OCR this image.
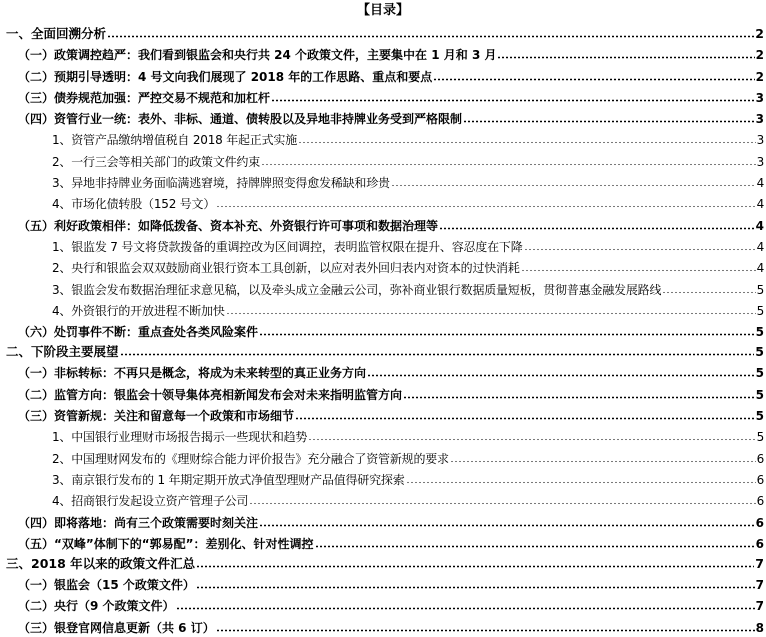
【目录】
一、全面回溯分析	2
（一）政策调控趋严：我们看到银监会和央行共 24 个政策文件，主要集中在 1 月和 3 月	2
（二）预期引导透明：4 号文向我们展现了 2018 年的工作思路、重点和要点	2
（三）债券规范加强：严控交易不规范和加杠杆	3
（四）资管行业一统：表外、非标、通道、债转股以及异地非持牌业务受到严格限制	3
1、资管产品缴纳增值税自 2018 年起正式实施	3
2、一行三会等相关部门的政策文件约束	3
3、异地非持牌业务面临满逃窘境，持牌牌照变得愈发稀缺和珍贵	4
4、市场化债转股（152 号文）	4
（五）利好政策相伴：如降低拨备、资本补充、外资银行许可事项和数据治理等	4
1、银监发 7 号文将贷款拨备的重调控改为区间调控，表明监管权限在提升、容忍度在下降	4
2、央行和银监会双双鼓励商业银行资本工具创新，以应对表外回归表内对资本的过快消耗	4
3、银监会发布数据治理征求意见稿，以及牵头成立金融云公司，弥补商业银行数据质量短板，贯彻普惠金融发展路线	5
4、外资银行的开放进程不断加快	5
（六）处罚事件不断：重点查处各类风险案件	5
二、下阶段主要展望	5
（一）非标转标：不再只是概念，将成为未来转型的真正业务方向	5
（二）监管方向：银监会十领导集体亮相新闻发布会对未来指明监管方向	5
（三）资管新规：关注和留意每一个政策和市场细节	5
1、中国银行业理财市场报告揭示一些现状和趋势	5
2、中国理财网发布的《理财综合能力评价报告》充分融合了资管新规的要求	6
3、南京银行发布的 1 年期定期开放式净值型理财产品值得研究探索	6
4、招商银行发起设立资产管理子公司	6
（四）即将落地：尚有三个政策需要时刻关注	6
（五）“双峰”体制下的“郭易配”：差别化、针对性调控	6
三、2018 年以来的政策文件汇总	7
（一）银监会（15 个政策文件）	7
（二）央行（9 个政策文件）	7
（三）银登官网信息更新（共 6 订）	8
